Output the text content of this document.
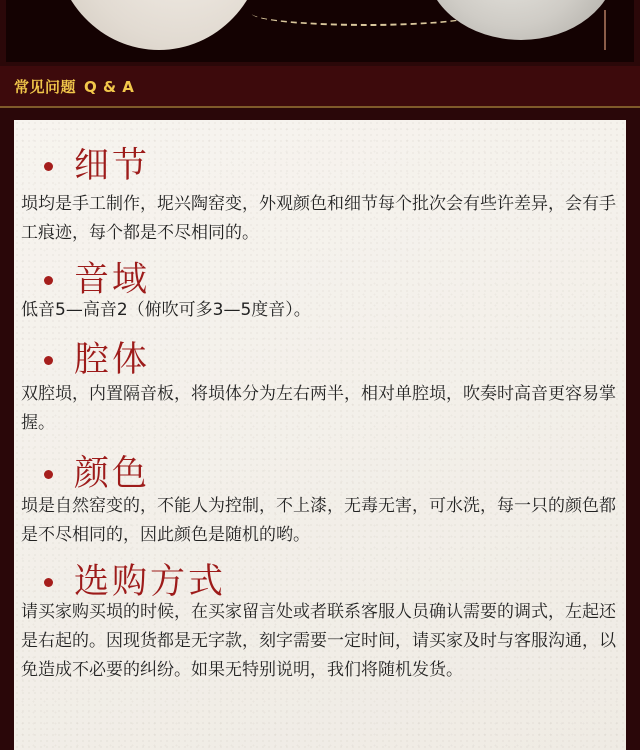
常见问题 Q & A
细节
埙均是手工制作，坭兴陶窑变，外观颜色和细节每个批次会有些许差异，会有手工痕迹，每个都是不尽相同的。
音域
低音5—高音2（俯吹可多3—5度音）。
腔体
双腔埙，内置隔音板，将埙体分为左右两半，相对单腔埙，吹奏时高音更容易掌握。
颜色
埙是自然窑变的，不能人为控制，不上漆，无毒无害，可水洗，每一只的颜色都是不尽相同的，因此颜色是随机的哟。
选购方式
请买家购买埙的时候，在买家留言处或者联系客服人员确认需要的调式，左起还是右起的。因现货都是无字款，刻字需要一定时间，请买家及时与客服沟通，以免造成不必要的纠纷。如果无特别说明，我们将随机发货。
